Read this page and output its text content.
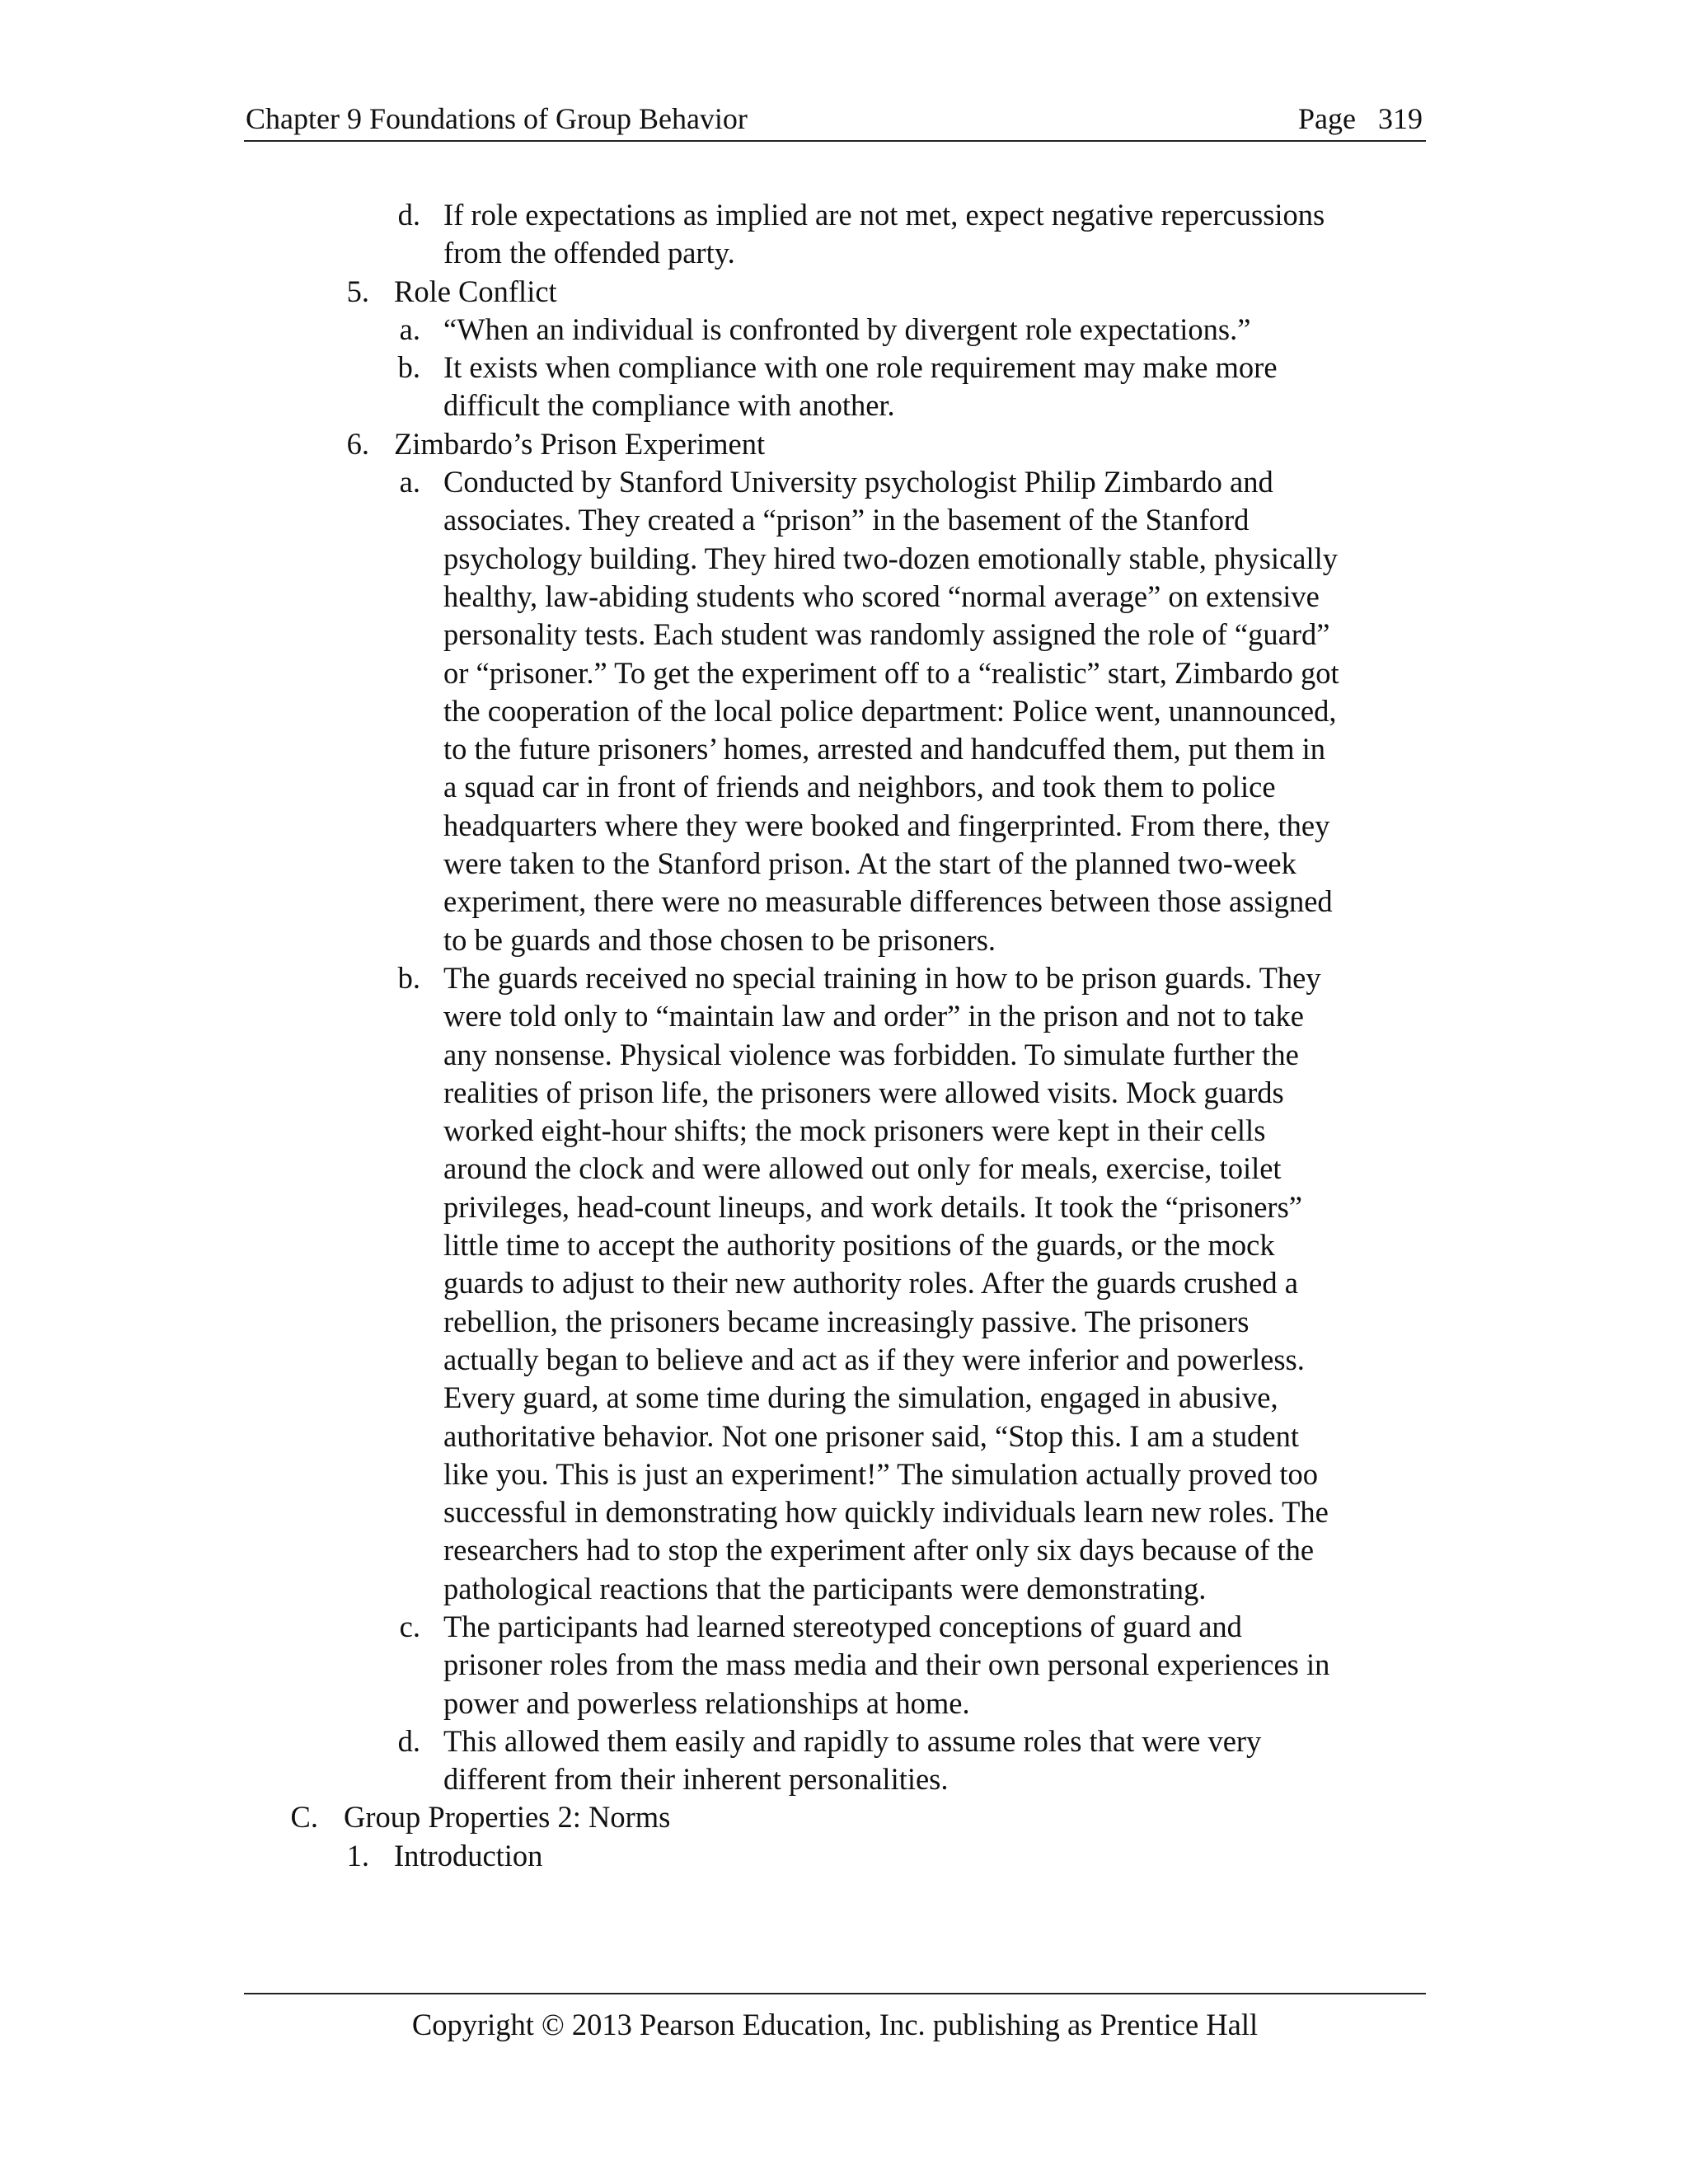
Chapter 9 Foundations of Group Behavior	Page   319
d. If role expectations as implied are not met, expect negative repercussions
from the offended party.
5. Role Conflict
a. “When an individual is confronted by divergent role expectations.”
b. It exists when compliance with one role requirement may make more
difficult the compliance with another.
6. Zimbardo’s Prison Experiment
a. Conducted by Stanford University psychologist Philip Zimbardo and
associates. They created a “prison” in the basement of the Stanford
psychology building. They hired two-dozen emotionally stable, physically
healthy, law-abiding students who scored “normal average” on extensive
personality tests. Each student was randomly assigned the role of “guard”
or “prisoner.” To get the experiment off to a “realistic” start, Zimbardo got
the cooperation of the local police department: Police went, unannounced,
to the future prisoners’ homes, arrested and handcuffed them, put them in
a squad car in front of friends and neighbors, and took them to police
headquarters where they were booked and fingerprinted. From there, they
were taken to the Stanford prison. At the start of the planned two-week
experiment, there were no measurable differences between those assigned
to be guards and those chosen to be prisoners.
b. The guards received no special training in how to be prison guards. They
were told only to “maintain law and order” in the prison and not to take
any nonsense. Physical violence was forbidden. To simulate further the
realities of prison life, the prisoners were allowed visits. Mock guards
worked eight-hour shifts; the mock prisoners were kept in their cells
around the clock and were allowed out only for meals, exercise, toilet
privileges, head-count lineups, and work details. It took the “prisoners”
little time to accept the authority positions of the guards, or the mock
guards to adjust to their new authority roles. After the guards crushed a
rebellion, the prisoners became increasingly passive. The prisoners
actually began to believe and act as if they were inferior and powerless.
Every guard, at some time during the simulation, engaged in abusive,
authoritative behavior. Not one prisoner said, “Stop this. I am a student
like you. This is just an experiment!” The simulation actually proved too
successful in demonstrating how quickly individuals learn new roles. The
researchers had to stop the experiment after only six days because of the
pathological reactions that the participants were demonstrating.
c. The participants had learned stereotyped conceptions of guard and
prisoner roles from the mass media and their own personal experiences in
power and powerless relationships at home.
d. This allowed them easily and rapidly to assume roles that were very
different from their inherent personalities.
C. Group Properties 2: Norms
1. Introduction
Copyright © 2013 Pearson Education, Inc. publishing as Prentice Hall
